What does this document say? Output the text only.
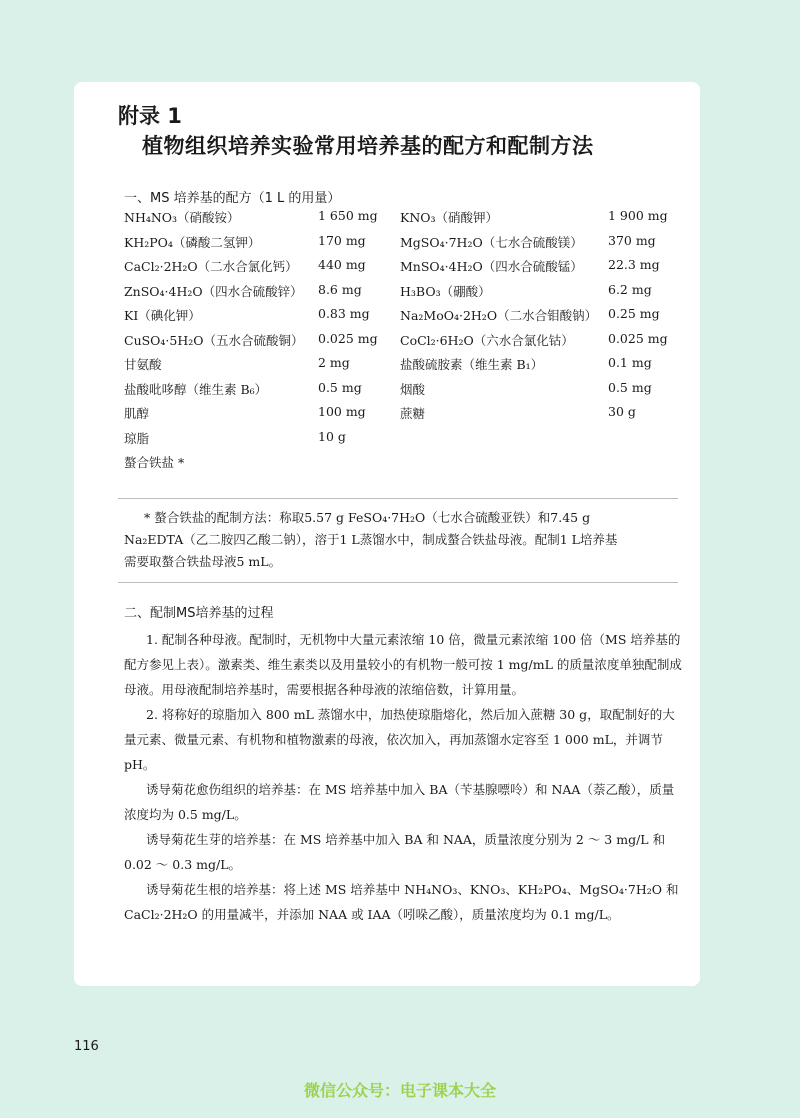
附录 1
植物组织培养实验常用培养基的配方和配制方法
一、MS 培养基的配方（1 L 的用量）
NH₄NO₃（硝酸铵）	1 650 mg KNO₃（硝酸钾）	1 900 mg
KH₂PO₄（磷酸二氢钾）	170 mg	MgSO₄·7H₂O（七水合硫酸镁） 370 mg
CaCl₂·2H₂O（二水合氯化钙） 440 mg	MnSO₄·4H₂O（四水合硫酸锰） 22.3 mg
ZnSO₄·4H₂O（四水合硫酸锌） 8.6 mg	H₃BO₃（硼酸）	6.2 mg
KI（碘化钾）	0.83 mg Na₂MoO₄·2H₂O（二水合钼酸钠） 0.25 mg
CuSO₄·5H₂O（五水合硫酸铜） 0.025 mg CoCl₂·6H₂O（六水合氯化钴）	0.025 mg
甘氨酸	2 mg	盐酸硫胺素（维生素 B₁）	0.1 mg
盐酸吡哆醇（维生素 B₆）	0.5 mg	烟酸	0.5 mg
肌醇	100 mg	蔗糖	30 g
琼脂	10 g
螯合铁盐 *

* 螯合铁盐的配制方法：称取5.57 g FeSO₄·7H₂O（七水合硫酸亚铁）和7.45 g

Na₂EDTA（乙二胺四乙酸二钠），溶于1 L蒸馏水中，制成螯合铁盐母液。配制1 L培养基

需要取螯合铁盐母液5 mL。

二、配制MS培养基的过程

1. 配制各种母液。配制时，无机物中大量元素浓缩 10 倍，微量元素浓缩 100 倍（MS 培养基的配方参见上表）。激素类、维生素类以及用量较小的有机物一般可按 1 mg/mL 的质量浓度单独配制成母液。用母液配制培养基时，需要根据各种母液的浓缩倍数，计算用量。

2. 将称好的琼脂加入 800 mL 蒸馏水中，加热使琼脂熔化，然后加入蔗糖 30 g，取配制好的大量元素、微量元素、有机物和植物激素的母液，依次加入，再加蒸馏水定容至 1 000 mL，并调节 pH。

诱导菊花愈伤组织的培养基：在 MS 培养基中加入 BA（苄基腺嘌呤）和 NAA（萘乙酸），质量浓度均为 0.5 mg/L。

诱导菊花生芽的培养基：在 MS 培养基中加入 BA 和 NAA，质量浓度分别为 2 ～ 3 mg/L 和 0.02 ～ 0.3 mg/L。

诱导菊花生根的培养基：将上述 MS 培养基中 NH₄NO₃、KNO₃、KH₂PO₄、MgSO₄·7H₂O 和 CaCl₂·2H₂O 的用量减半，并添加 NAA 或 IAA（吲哚乙酸），质量浓度均为 0.1 mg/L。

116
微信公众号：电子课本大全
